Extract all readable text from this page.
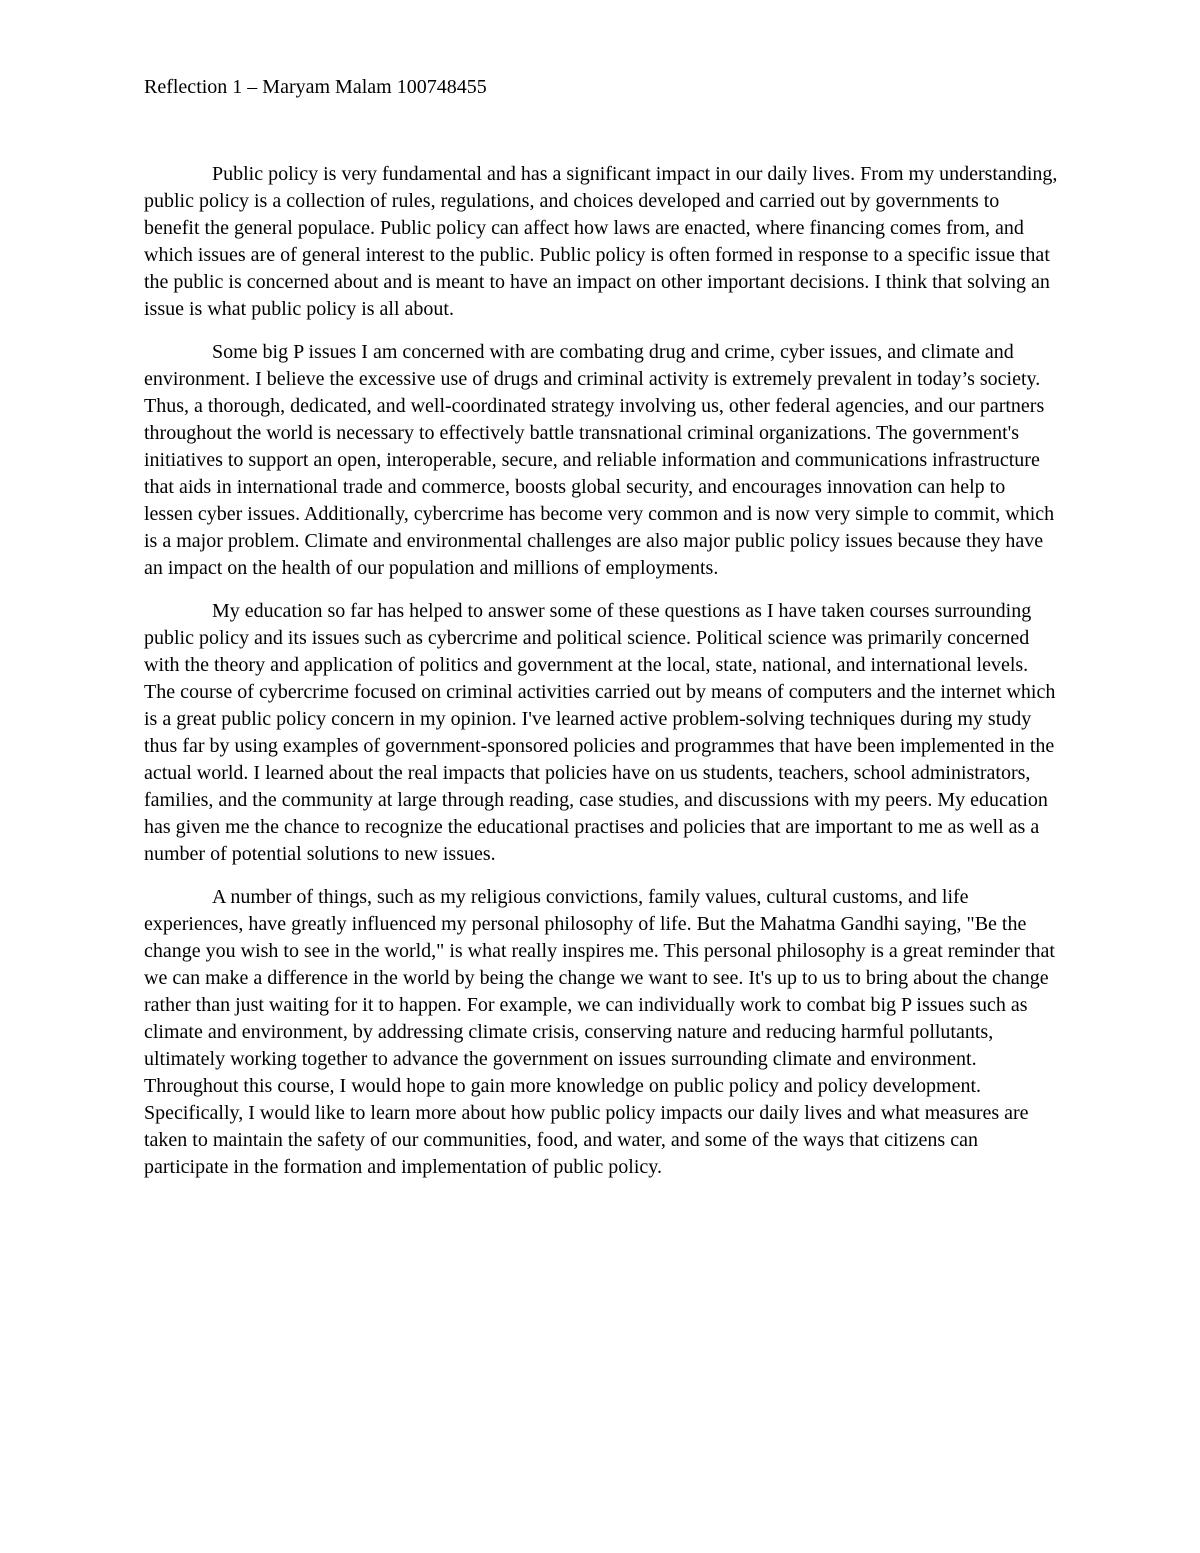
Reflection 1 – Maryam Malam 100748455

Public policy is very fundamental and has a significant impact in our daily lives. From my understanding, public policy is a collection of rules, regulations, and choices developed and carried out by governments to benefit the general populace. Public policy can affect how laws are enacted, where financing comes from, and which issues are of general interest to the public. Public policy is often formed in response to a specific issue that the public is concerned about and is meant to have an impact on other important decisions. I think that solving an issue is what public policy is all about.

Some big P issues I am concerned with are combating drug and crime, cyber issues, and climate and environment. I believe the excessive use of drugs and criminal activity is extremely prevalent in today’s society. Thus, a thorough, dedicated, and well-coordinated strategy involving us, other federal agencies, and our partners throughout the world is necessary to effectively battle transnational criminal organizations. The government's initiatives to support an open, interoperable, secure, and reliable information and communications infrastructure that aids in international trade and commerce, boosts global security, and encourages innovation can help to lessen cyber issues. Additionally, cybercrime has become very common and is now very simple to commit, which is a major problem. Climate and environmental challenges are also major public policy issues because they have an impact on the health of our population and millions of employments.

My education so far has helped to answer some of these questions as I have taken courses surrounding public policy and its issues such as cybercrime and political science. Political science was primarily concerned with the theory and application of politics and government at the local, state, national, and international levels. The course of cybercrime focused on criminal activities carried out by means of computers and the internet which is a great public policy concern in my opinion. I've learned active problem-solving techniques during my study thus far by using examples of government-sponsored policies and programmes that have been implemented in the actual world. I learned about the real impacts that policies have on us students, teachers, school administrators, families, and the community at large through reading, case studies, and discussions with my peers. My education has given me the chance to recognize the educational practises and policies that are important to me as well as a number of potential solutions to new issues.

A number of things, such as my religious convictions, family values, cultural customs, and life experiences, have greatly influenced my personal philosophy of life. But the Mahatma Gandhi saying, "Be the change you wish to see in the world," is what really inspires me. This personal philosophy is a great reminder that we can make a difference in the world by being the change we want to see. It's up to us to bring about the change rather than just waiting for it to happen. For example, we can individually work to combat big P issues such as climate and environment, by addressing climate crisis, conserving nature and reducing harmful pollutants, ultimately working together to advance the government on issues surrounding climate and environment. Throughout this course, I would hope to gain more knowledge on public policy and policy development. Specifically, I would like to learn more about how public policy impacts our daily lives and what measures are taken to maintain the safety of our communities, food, and water, and some of the ways that citizens can participate in the formation and implementation of public policy.
